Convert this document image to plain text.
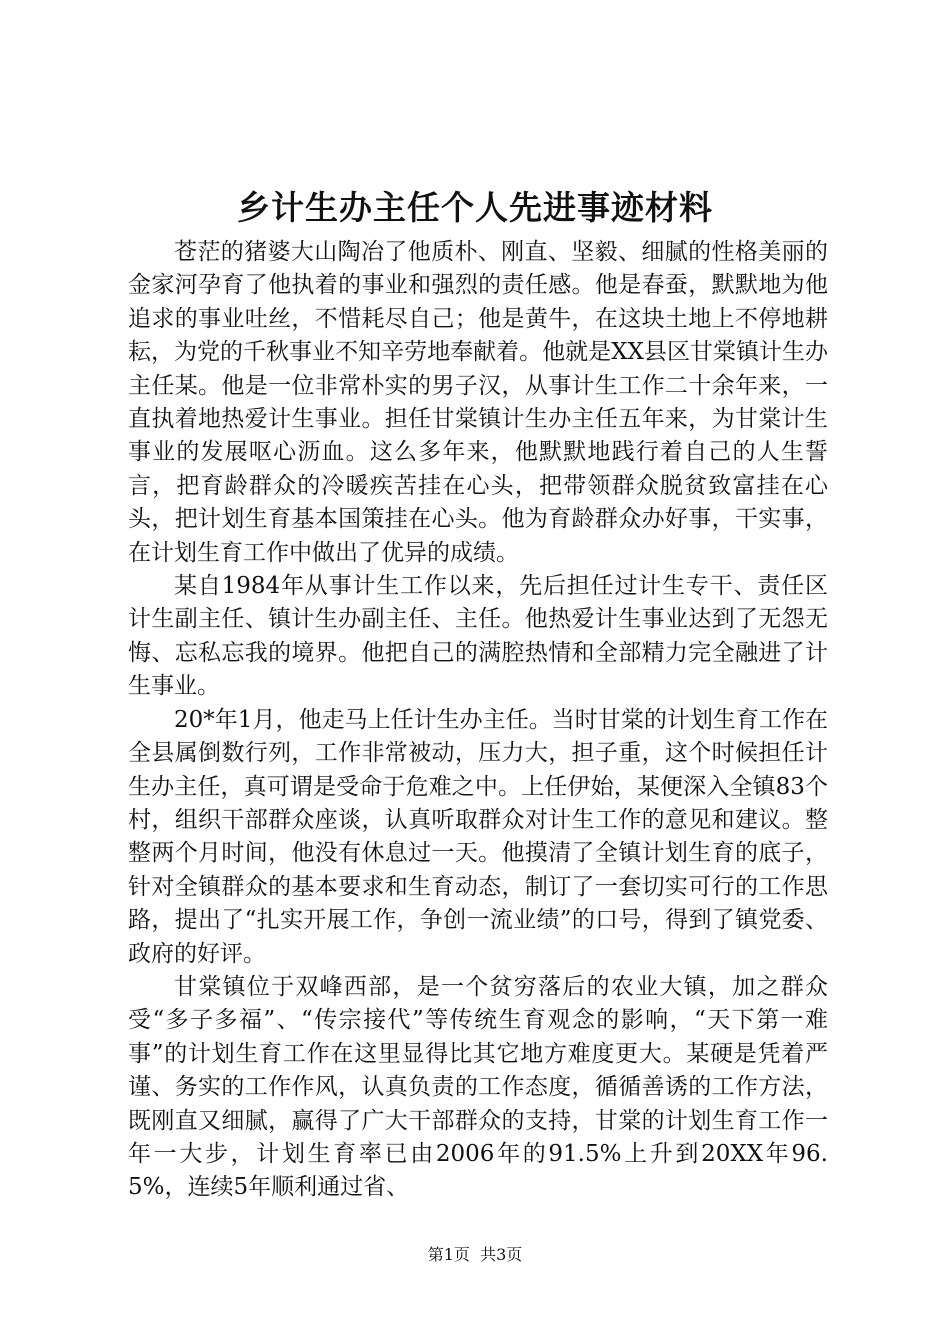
乡计生办主任个人先进事迹材料

苍茫的猪婆大山陶冶了他质朴、刚直、坚毅、细腻的性格美丽的金家河孕育了他执着的事业和强烈的责任感。他是春蚕，默默地为他追求的事业吐丝，不惜耗尽自己；他是黄牛，在这块土地上不停地耕耘，为党的千秋事业不知辛劳地奉献着。他就是XX县区甘棠镇计生办主任某。他是一位非常朴实的男子汉，从事计生工作二十余年来，一直执着地热爱计生事业。担任甘棠镇计生办主任五年来，为甘棠计生事业的发展呕心沥血。这么多年来，他默默地践行着自己的人生誓言，把育龄群众的冷暖疾苦挂在心头，把带领群众脱贫致富挂在心头，把计划生育基本国策挂在心头。他为育龄群众办好事，干实事，在计划生育工作中做出了优异的成绩。

某自1984年从事计生工作以来，先后担任过计生专干、责任区计生副主任、镇计生办副主任、主任。他热爱计生事业达到了无怨无悔、忘私忘我的境界。他把自己的满腔热情和全部精力完全融进了计生事业。

20*年1月，他走马上任计生办主任。当时甘棠的计划生育工作在全县属倒数行列，工作非常被动，压力大，担子重，这个时候担任计生办主任，真可谓是受命于危难之中。上任伊始，某便深入全镇83个村，组织干部群众座谈，认真听取群众对计生工作的意见和建议。整整两个月时间，他没有休息过一天。他摸清了全镇计划生育的底子，针对全镇群众的基本要求和生育动态，制订了一套切实可行的工作思路，提出了“扎实开展工作，争创一流业绩”的口号，得到了镇党委、政府的好评。

甘棠镇位于双峰西部，是一个贫穷落后的农业大镇，加之群众受“多子多福”、“传宗接代”等传统生育观念的影响，“天下第一难事”的计划生育工作在这里显得比其它地方难度更大。某硬是凭着严谨、务实的工作作风，认真负责的工作态度，循循善诱的工作方法，既刚直又细腻，赢得了广大干部群众的支持，甘棠的计划生育工作一年一大步，计划生育率已由2006年的91.5%上升到20XX年96.5%，连续5年顺利通过省、

第1页 共3页
